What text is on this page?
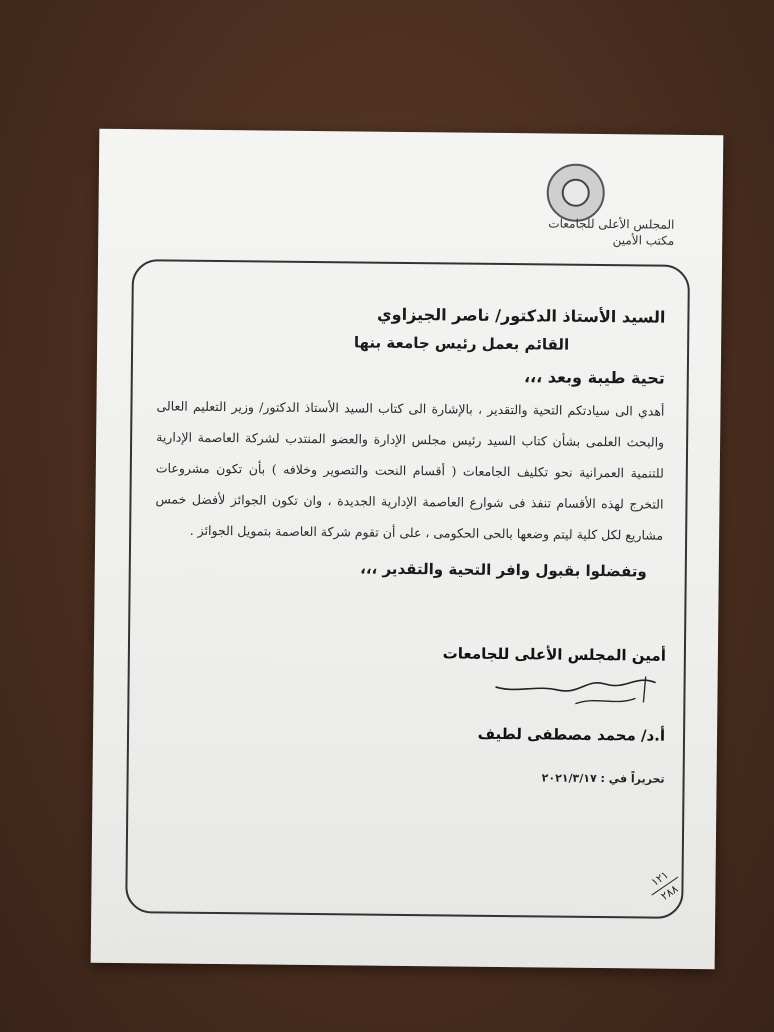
المجلس الأعلى للجامعات
مكتب الأمين
السيد الأستاذ الدكتور/ ناصر الجيزاوي
القائم بعمل رئيس جامعة بنها
تحية طيبة وبعد ،،،
أهدي الى سيادتكم التحية والتقدير ، بالإشارة الى كتاب السيد الأستاذ الدكتور/ وزير التعليم العالى والبحث العلمى بشأن كتاب السيد رئيس مجلس الإدارة والعضو المنتدب لشركة العاصمة الإدارية للتنمية العمرانية نحو تكليف الجامعات ( أقسام النحت والتصوير وخلافه ) بأن تكون مشروعات التخرج لهذه الأقسام تنفذ فى شوارع العاصمة الإدارية الجديدة ، وان تكون الجوائز لأفضل خمس مشاريع لكل كلية ليتم وضعها بالحى الحكومى ، على أن تقوم شركة العاصمة بتمويل الجوائز .
وتفضلوا بقبول وافر التحية والتقدير ،،،
أمين المجلس الأعلى للجامعات
أ.د/ محمد مصطفى لطيف
تحريراً في : ٢٠٢١/٣/١٧
١٢١
٢٨٨
